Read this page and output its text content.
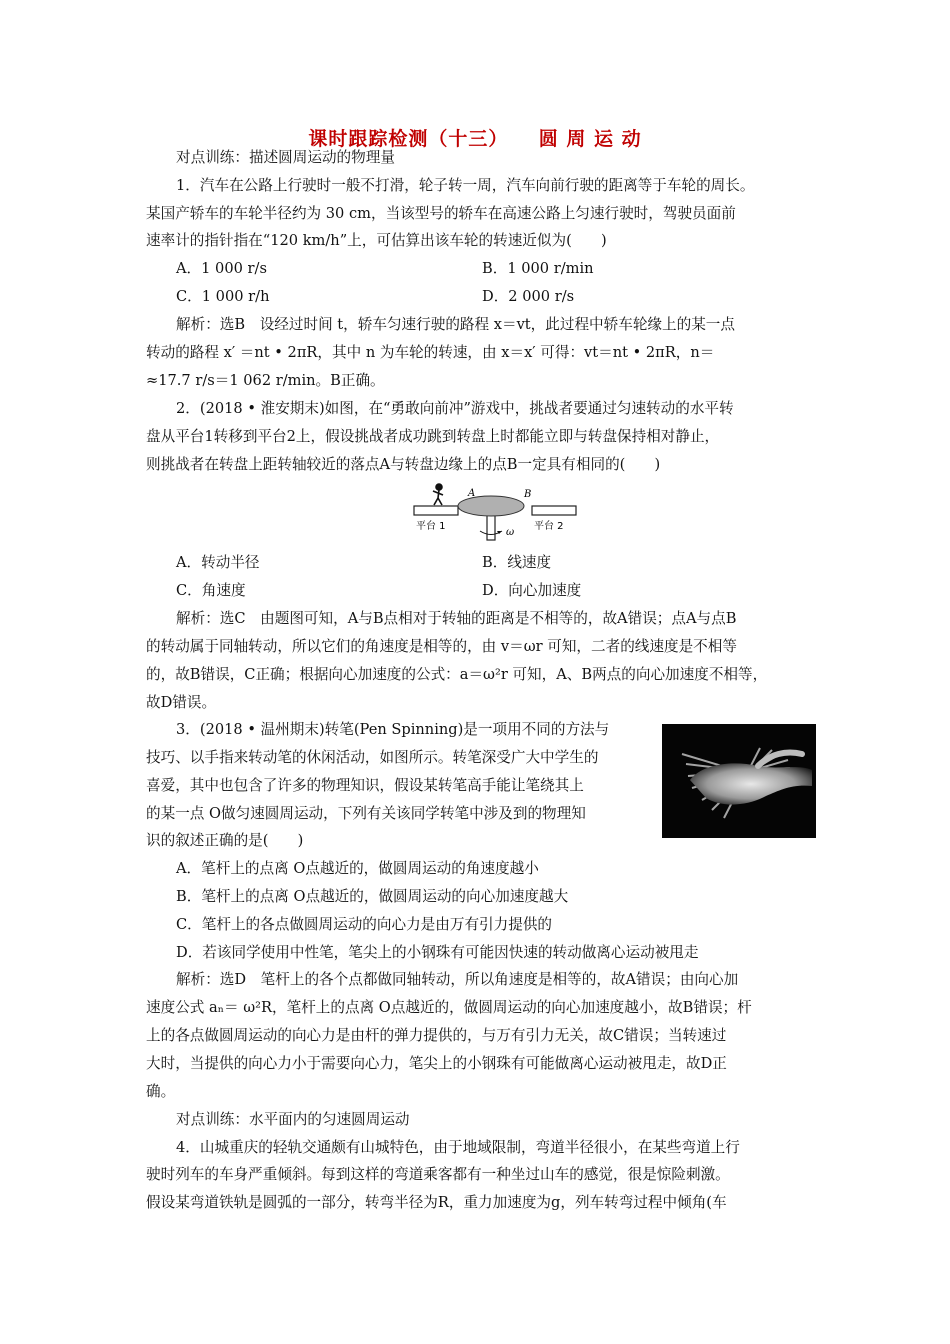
课时跟踪检测（十三）    圆 周 运 动
对点训练：描述圆周运动的物理量
1．汽车在公路上行驶时一般不打滑，轮子转一周，汽车向前行驶的距离等于车轮的周长。
某国产轿车的车轮半径约为 30 cm，当该型号的轿车在高速公路上匀速行驶时，驾驶员面前
速率计的指针指在“120 km/h”上，可估算出该车轮的转速近似为(　　)
A．1 000 r/s	B．1 000 r/min
C．1 000 r/h	D．2 000 r/s
解析：选B　设经过时间 t，轿车匀速行驶的路程 x＝vt，此过程中轿车轮缘上的某一点
转动的路程 x′ ＝nt • 2πR，其中 n 为车轮的转速，由 x＝x′ 可得：vt＝nt • 2πR，n＝
≈17.7 r/s＝1 062 r/min。B正确。
2．(2018 • 淮安期末)如图，在“勇敢向前冲”游戏中，挑战者要通过匀速转动的水平转
盘从平台1转移到平台2上，假设挑战者成功跳到转盘上时都能立即与转盘保持相对静止，
则挑战者在转盘上距转轴较近的落点A与转盘边缘上的点B一定具有相同的(　　)
A	B
ω
平台 1	平台 2
A．转动半径	B．线速度
C．角速度	D．向心加速度
解析：选C　由题图可知，A与B点相对于转轴的距离是不相等的，故A错误；点A与点B
的转动属于同轴转动，所以它们的角速度是相等的，由 v＝ωr 可知，二者的线速度是不相等
的，故B错误，C正确；根据向心加速度的公式：a＝ω²r 可知，A、B两点的向心加速度不相等，
故D错误。
3．(2018 • 温州期末)转笔(Pen Spinning)是一项用不同的方法与
技巧、以手指来转动笔的休闲活动，如图所示。转笔深受广大中学生的
喜爱，其中也包含了许多的物理知识，假设某转笔高手能让笔绕其上
的某一点 O做匀速圆周运动，下列有关该同学转笔中涉及到的物理知
识的叙述正确的是(　　)
A．笔杆上的点离 O点越近的，做圆周运动的角速度越小
B．笔杆上的点离 O点越近的，做圆周运动的向心加速度越大
C．笔杆上的各点做圆周运动的向心力是由万有引力提供的
D．若该同学使用中性笔，笔尖上的小钢珠有可能因快速的转动做离心运动被甩走
解析：选D　笔杆上的各个点都做同轴转动，所以角速度是相等的，故A错误；由向心加
速度公式 aₙ＝ ω²R，笔杆上的点离 O点越近的，做圆周运动的向心加速度越小，故B错误；杆
上的各点做圆周运动的向心力是由杆的弹力提供的，与万有引力无关，故C错误；当转速过
大时，当提供的向心力小于需要向心力，笔尖上的小钢珠有可能做离心运动被甩走，故D正
确。
对点训练：水平面内的匀速圆周运动
4．山城重庆的轻轨交通颇有山城特色，由于地域限制，弯道半径很小，在某些弯道上行
驶时列车的车身严重倾斜。每到这样的弯道乘客都有一种坐过山车的感觉，很是惊险刺激。
假设某弯道铁轨是圆弧的一部分，转弯半径为R，重力加速度为g，列车转弯过程中倾角(车
